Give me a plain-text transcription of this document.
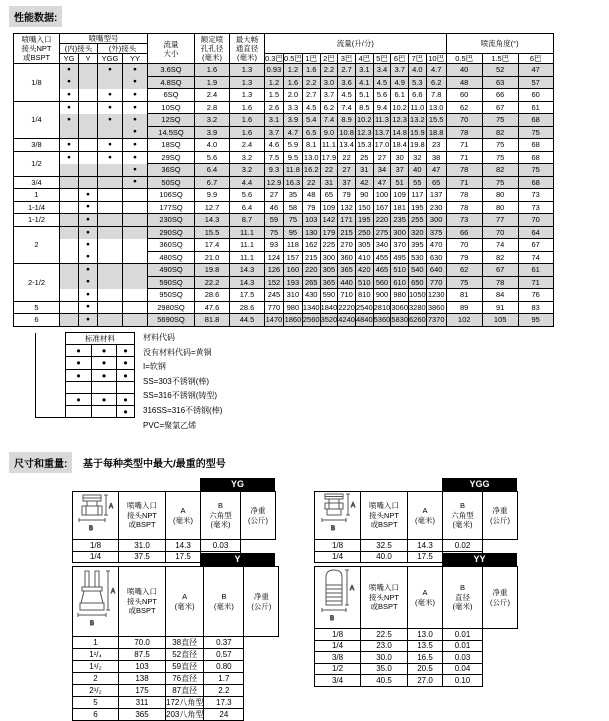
性能数据:
喷嘴入口
接头NPT
或BSPT	喷嘴型号				流量
大小	额定喷
孔孔径
(毫米)	最大畅
通直径
(毫米)	流量(升/分)										喷流角度(°)		
	(内)接头		(外)接头																	
	YG	Y	YGG	YY				0.3巴	0.5巴	1巴	2巴	3巴	4巴	5巴	6巴	7巴	10巴	0.5巴	1.5巴	6巴
1/8	●		●	●	3.6SQ	1.6	1.3	0.93	1.2	1.6	2.2	2.7	3.1	3.4	3.7	4.0	4.7	40	52	47
	●			●	4.8SQ	1.9	1.3	1.2	1.6	2.2	3.0	3.6	4.1	4.5	4.9	5.3	6.2	48	63	57
	●		●	●	6SQ	2.4	1.3	1.5	2.0	2.7	3.7	4.5	5.1	5.6	6.1	6.6	7.8	60	66	60
1/4	●		●	●	10SQ	2.8	1.6	2.6	3.3	4.5	6.2	7.4	8.5	9.4	10.2	11.0	13.0	62	67	61
	●		●	●	12SQ	3.2	1.6	3.1	3.9	5.4	7.4	8.9	10.2	11.3	12.3	13.2	15.5	70	75	68
				●	14.5SQ	3.9	1.6	3.7	4.7	6.5	9.0	10.8	12.3	13.7	14.8	15.9	18.8	78	82	75
3/8	●		●	●	18SQ	4.0	2.4	4.6	5.9	8.1	11.1	13.4	15.3	17.0	18.4	19.8	23	71	75	68
1/2	●		●	●	29SQ	5.6	3.2	7.5	9.5	13.0	17.9	22	25	27	30	32	38	71	75	68
				●	36SQ	6.4	3.2	9.3	11.8	16.2	22	27	31	34	37	40	47	78	82	75
3/4				●	50SQ	6.7	4.4	12.9	16.3	22	31	37	42	47	51	55	65	71	75	68
1		●			106SQ	9.9	5.6	27	35	48	65	79	90	100	109	117	137	78	80	73
1-1/4		●			177SQ	12.7	6.4	46	58	79	109	132	150	167	181	195	230	78	80	73
1-1/2		●			230SQ	14.3	8.7	59	75	103	142	171	195	220	235	255	300	73	77	70
2		●			290SQ	15.5	11.1	75	95	130	179	215	250	275	300	320	375	66	70	64
		●			360SQ	17.4	11.1	93	118	162	225	270	305	340	370	395	470	70	74	67
		●			480SQ	21.0	11.1	124	157	215	300	360	410	455	495	530	630	79	82	74
2-1/2		●			490SQ	19.8	14.3	126	160	220	305	365	420	465	510	540	640	62	67	61
		●			590SQ	22.2	14.3	152	193	265	365	440	510	560	610	650	770	75	78	71
		●			950SQ	28.6	17.5	245	310	430	590	710	810	900	980	1050	1230	81	84	76
5		●			2980SQ	47.6	28.6	770	980	1340	1840	2220	2540	2810	3060	3280	3860	89	91	83
6		●			5690SQ	81.8	44.5	1470	1860	2560	3520	4240	4840	5360	5830	6260	7370	102	105	95
	标准材料		
	●	●	●
	●	●	●
	●	●	●

	●	●	●
			●
材料代码
没有材料代码=黄铜
I=软钢
SS=303不锈钢(棒)
SS=316不锈钢(铸型)
316SS=316不锈钢(棒)
PVC=聚氯乙烯
尺寸和重量:	基于每种类型中最大/最重的型号
YG
A
B	喷嘴入口
接头NPT
或BSPT	A
(毫米)	B
六角型
(毫米)	净重
(公斤)
1/8	31.0	14.3	0.03	
1/4	37.5	17.5	
YGG
A
B	喷嘴入口
接头NPT
或BSPT	A
(毫米)	B
六角型
(毫米)	净重
(公斤)
1/8	32.5	14.3	0.02	
1/4	40.0	17.5	
Y
A
B	喷嘴入口
接头NPT
或BSPT	A
(毫米)	B
(毫米)	净重
(公斤)
1	70.0	38直径	0.37	
1¹/₄	87.5	52直径	0.57	
1¹/₂	103	59直径	0.80	
2	138	76直径	1.7	
2¹/₂	175	87直径	2.2	
5	311	172八角型	17.3	
6	365	203八角型	24	
YY
A
B	喷嘴入口
接头NPT
或BSPT	A
(毫米)	B
直径
(毫米)	净重
(公斤)
1/8	22.5	13.0	0.01	
1/4	23.0	13.5	0.01	
3/8	30.0	16.5	0.03	
1/2	35.0	20.5	0.04	
3/4	40.5	27.0	0.10	
